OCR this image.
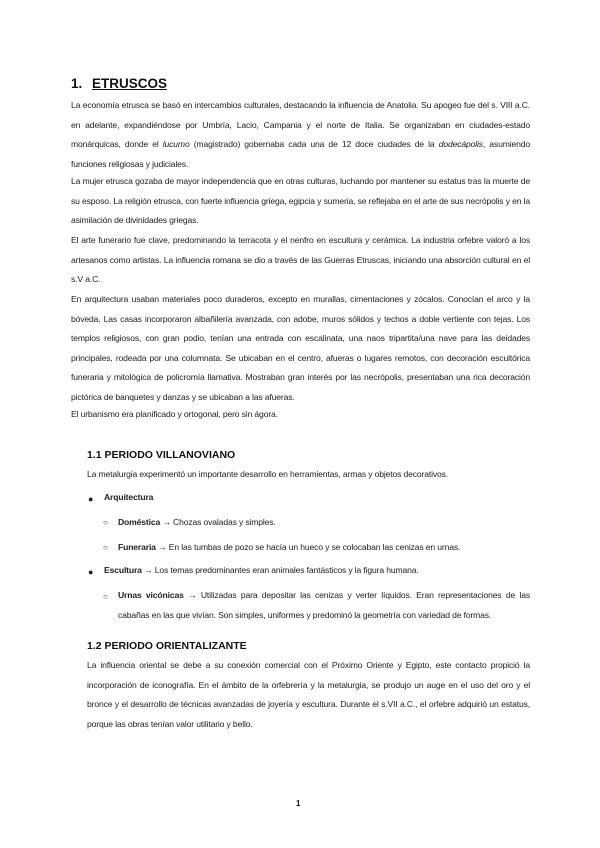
1. ETRUSCOS

La economía etrusca se basó en intercambios culturales, destacando la influencia de Anatolia. Su apogeo fue del s. VIII a.C. en adelante, expandiéndose por Umbría, Lacio, Campania y el norte de Italia. Se organizaban en ciudades-estado monárquicas, donde el lucumo (magistrado) gobernaba cada una de 12 doce ciudades de la dodecápolis, asumiendo funciones religiosas y judiciales.

La mujer etrusca gozaba de mayor independencia que en otras culturas, luchando por mantener su estatus tras la muerte de su esposo. La religión etrusca, con fuerte influencia griega, egipcia y sumeria, se reflejaba en el arte de sus necrópolis y en la asimilación de divinidades griegas.

El arte funerario fue clave, predominando la terracota y el nenfro en escultura y cerámica. La industria orfebre valoró a los artesanos como artistas. La influencia romana se dio a través de las Guerras Etruscas, iniciando una absorción cultural en el s.V a.C.

En arquitectura usaban materiales poco duraderos, excepto en murallas, cimentaciones y zócalos. Conocían el arco y la bóveda. Las casas incorporaron albañilería avanzada, con adobe, muros sólidos y techos a doble vertiente con tejas. Los templos religiosos, con gran podio, tenían una entrada con escalinata, una naos tripartita/una nave para las deidades principales, rodeada por una columnata. Se ubicaban en el centro, afueras o lugares remotos, con decoración escultórica funeraria y mitológica de policromía llamativa. Mostraban gran interés por las necrópolis, presentaban una rica decoración pictórica de banquetes y danzas y se ubicaban a las afueras.

El urbanismo era planificado y ortogonal, pero sin ágora.

1.1 PERIODO VILLANOVIANO

La metalurgia experimentó un importante desarrollo en herramientas, armas y objetos decorativos.

● Arquitectura

○ Doméstica → Chozas ovaladas y simples.

○ Funeraria → En las tumbas de pozo se hacía un hueco y se colocaban las cenizas en urnas.

● Escultura → Los temas predominantes eran animales fantásticos y la figura humana.

○ Urnas vicónicas → Utilizadas para depositar las cenizas y verter líquidos. Eran representaciones de las cabañas en las que vivían. Son simples, uniformes y predominó la geometría con variedad de formas.

1.2 PERIODO ORIENTALIZANTE

La influencia oriental se debe a su conexión comercial con el Próximo Oriente y Egipto, este contacto propició la incorporación de iconografía. En el ámbito de la orfebrería y la metalurgia, se produjo un auge en el uso del oro y el bronce y el desarrollo de técnicas avanzadas de joyería y escultura. Durante el s.VII a.C., el orfebre adquirió un estatus, porque las obras tenían valor utilitario y bello.

1
